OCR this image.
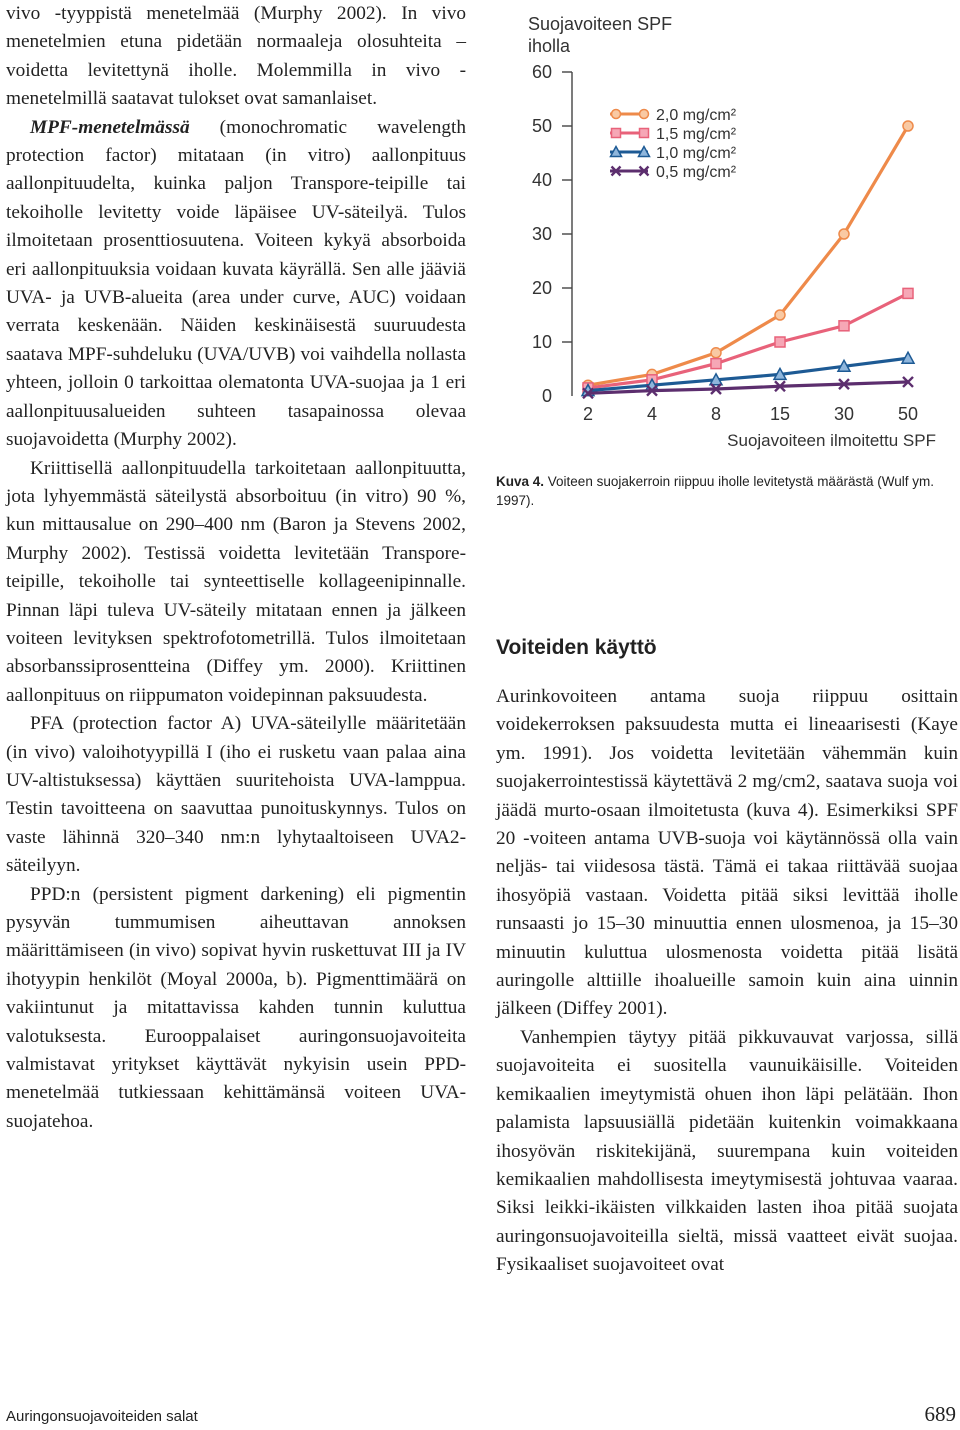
vivo -tyyppistä menetelmää (Murphy 2002). In vivo menetelmien etuna pidetään normaaleja olosuhteita – voidetta levitettynä iholle. Molemmilla in vivo -menetelmillä saatavat tulokset ovat samanlaiset.

MPF-menetelmässä (monochromatic wavelength protection factor) mitataan (in vitro) aallonpituus aallonpituudelta, kuinka paljon Transpore-teipille tai tekoiholle levitetty voide läpäisee UV-säteilyä. Tulos ilmoitetaan prosenttiosuutena. Voiteen kykyä absorboida eri aallonpituuksia voidaan kuvata käyrällä. Sen alle jääviä UVA- ja UVB-alueita (area under curve, AUC) voidaan verrata keskenään. Näiden keskinäisestä suuruudesta saatava MPF-suhdeluku (UVA/UVB) voi vaihdella nollasta yhteen, jolloin 0 tarkoittaa olematonta UVA-suojaa ja 1 eri aallonpituusalueiden suhteen tasapainossa olevaa suojavoidetta (Murphy 2002).

Kriittisellä aallonpituudella tarkoitetaan aallonpituutta, jota lyhyemmästä säteilystä absorboituu (in vitro) 90 %, kun mittausalue on 290–400 nm (Baron ja Stevens 2002, Murphy 2002). Testissä voidetta levitetään Transpore-teipille, tekoiholle tai synteettiselle kollageenipinnalle. Pinnan läpi tuleva UV-säteily mitataan ennen ja jälkeen voiteen levityksen spektrofotometrillä. Tulos ilmoitetaan absorbanssiprosentteina (Diffey ym. 2000). Kriittinen aallonpituus on riippumaton voidepinnan paksuudesta.

PFA (protection factor A) UVA-säteilylle määritetään (in vivo) valoihotyypillä I (iho ei rusketu vaan palaa aina UV-altistuksessa) käyttäen suuritehoista UVA-lamppua. Testin tavoitteena on saavuttaa punoituskynnys. Tulos on vaste lähinnä 320–340 nm:n lyhytaaltoiseen UVA2-säteilyyn.

PPD:n (persistent pigment darkening) eli pigmentin pysyvän tummumisen aiheuttavan annoksen määrittämiseen (in vivo) sopivat hyvin ruskettuvat III ja IV ihotyypin henkilöt (Moyal 2000a, b). Pigmenttimäärä on vakiintunut ja mitattavissa kahden tunnin kuluttua valotuksesta. Eurooppalaiset auringonsuojavoiteita valmistavat yritykset käyttävät nykyisin usein PPD-menetelmää tutkiessaan kehittämänsä voiteen UVA-suojatehoa.

Suojavoiteen SPF
iholla
0
10
20
30
40
50
60
2	4	8	15 30 50
Suojavoiteen ilmoitettu SPF
2,0 mg/cm²
1,5 mg/cm²
1,0 mg/cm²
0,5 mg/cm²
Kuva 4. Voiteen suojakerroin riippuu iholle levitetystä määrästä (Wulf ym. 1997).
Voiteiden käyttö

Aurinkovoiteen antama suoja riippuu osittain voidekerroksen paksuudesta mutta ei lineaarisesti (Kaye ym. 1991). Jos voidetta levitetään vähemmän kuin suojakerrointestissä käytettävä 2 mg/cm2, saatava suoja voi jäädä murto-osaan ilmoitetusta (kuva 4). Esimerkiksi SPF 20 -voiteen antama UVB-suoja voi käytännössä olla vain neljäs- tai viidesosa tästä. Tämä ei takaa riittävää suojaa ihosyöpiä vastaan. Voidetta pitää siksi levittää iholle runsaasti jo 15–30 minuuttia ennen ulosmenoa, ja 15–30 minuutin kuluttua ulosmenosta voidetta pitää lisätä auringolle alttiille ihoalueille samoin kuin aina uinnin jälkeen (Diffey 2001).

Vanhempien täytyy pitää pikkuvauvat varjossa, sillä suojavoiteita ei suositella vaunuikäisille. Voiteiden kemikaalien imeytymistä ohuen ihon läpi pelätään. Ihon palamista lapsuusiällä pidetään kuitenkin voimakkaana ihosyövän riskitekijänä, suurempana kuin voiteiden kemikaalien mahdollisesta imeytymisestä johtuvaa vaaraa. Siksi leikki-ikäisten vilkkaiden lasten ihoa pitää suojata auringonsuojavoiteilla sieltä, missä vaatteet eivät suojaa. Fysikaaliset suojavoiteet ovat

Auringonsuojavoiteiden salat	689
